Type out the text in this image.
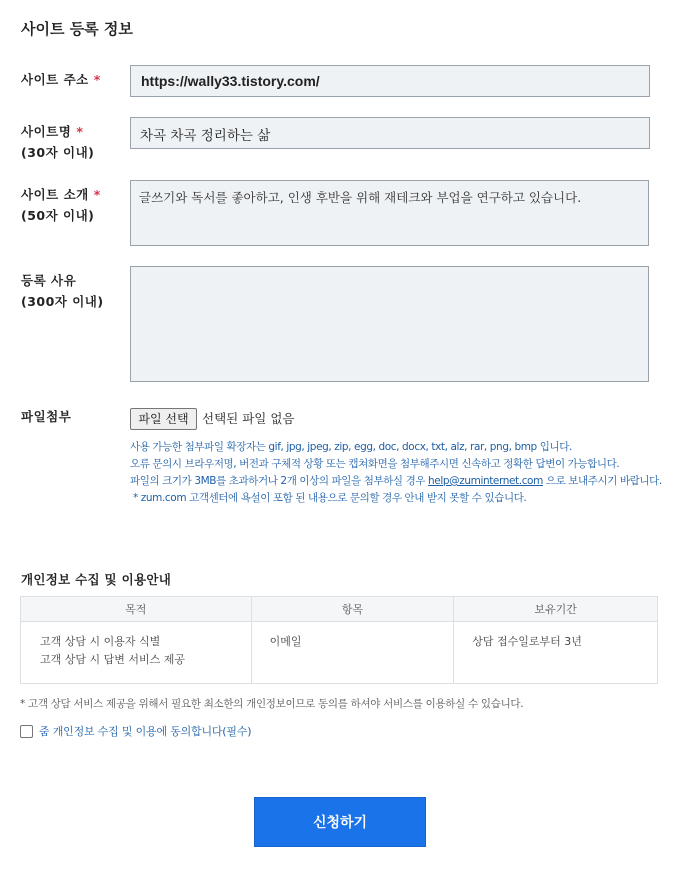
사이트 등록 정보
사이트 주소 *	https://wally33.tistory.com/
사이트명 *
(30자 이내)
차곡 차곡 정리하는 삶
사이트 소개 *
(50자 이내)
글쓰기와 독서를 좋아하고, 인생 후반을 위해 재테크와 부업을 연구하고 있습니다.
등록 사유
(300자 이내)
파일첨부	파일 선택	선택된 파일 없음
사용 가능한 첨부파일 확장자는 gif, jpg, jpeg, zip, egg, doc, docx, txt, alz, rar, png, bmp 입니다.
오류 문의시 브라우저명, 버전과 구체적 상황 또는 캡쳐화면을 첨부해주시면 신속하고 정확한 답변이 가능합니다.
파일의 크기가 3MB를 초과하거나 2개 이상의 파일을 첨부하실 경우 help@zuminternet.com 으로 보내주시기 바랍니다.
* zum.com 고객센터에 욕설이 포함 된 내용으로 문의할 경우 안내 받지 못할 수 있습니다.
개인정보 수집 및 이용안내
목적	항목	보유기간

고객 상담 시 이용자 식별
고객 상담 시 답변 서비스 제공	이메일	상담 접수일로부터 3년
* 고객 상담 서비스 제공을 위해서 필요한 최소한의 개인정보이므로 동의를 하셔야 서비스를 이용하실 수 있습니다.
줌 개인정보 수집 및 이용에 동의합니다(필수)
신청하기
